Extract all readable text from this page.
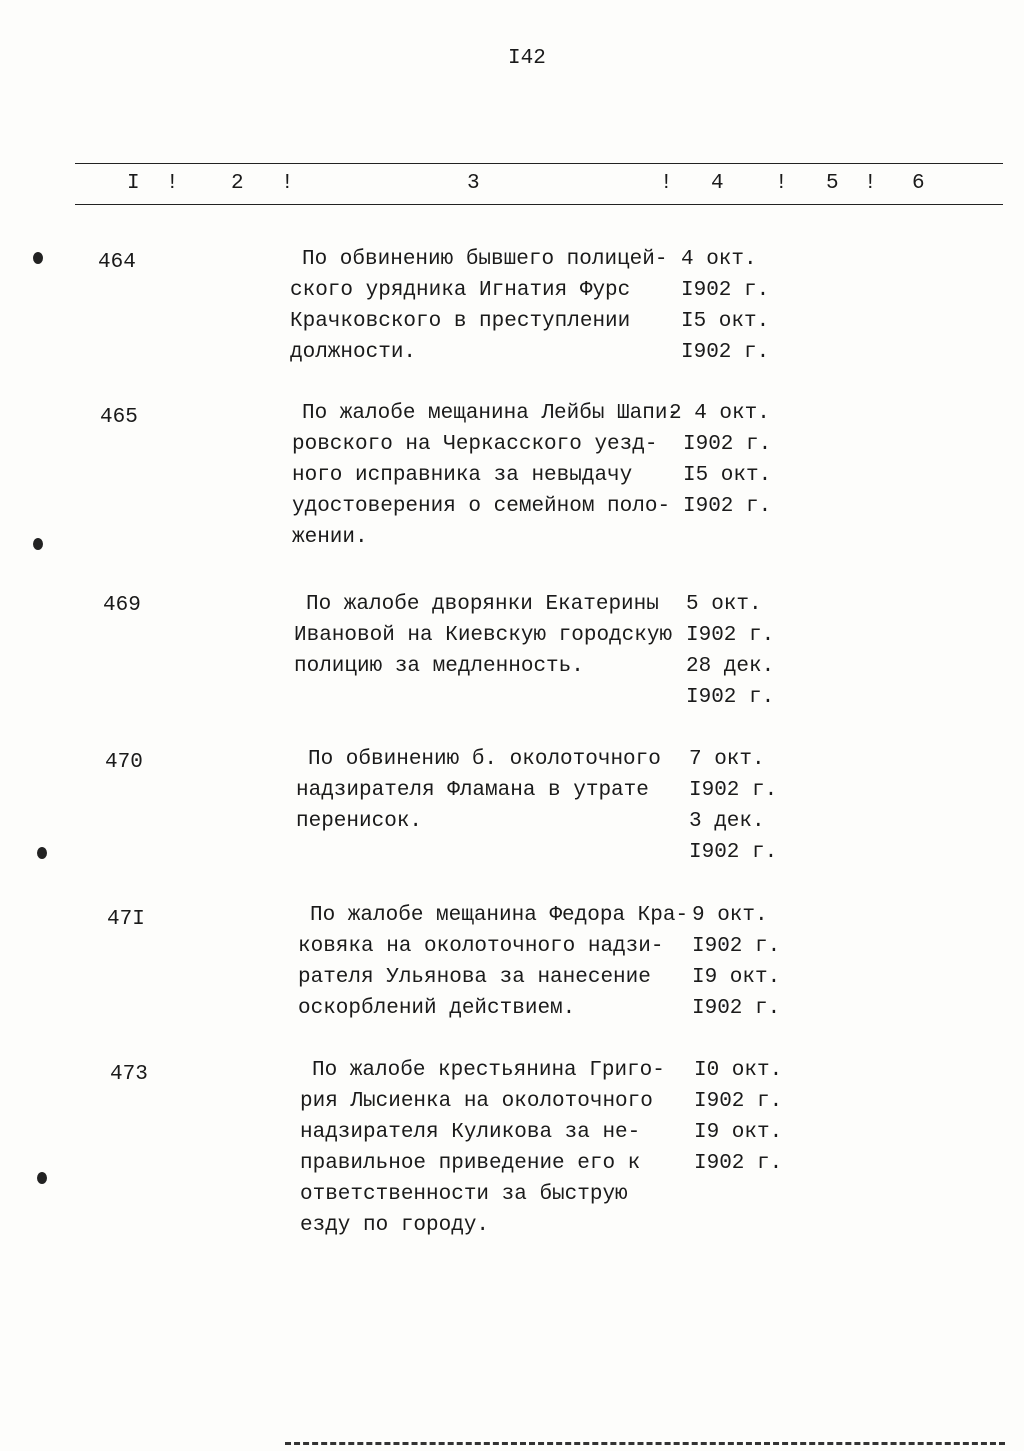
I42
I ! 2 !	3	! 4 ! 5 ! 6
464	По обвинению бывшего полицей-
ского урядника Игнатия Фурс
Крачковского в преступлении
должности.
4 окт.
I902 г.
I5 окт.
I902 г.
465	По жалобе мещанина Лейбы Шапи-
ровского на Черкасского уезд-
ного исправника за невыдачу
удостоверения о семейном поло-
жении.
2 4 окт.
I902 г.
I5 окт.
I902 г.
469	По жалобе дворянки Екатерины
Ивановой на Киевскую городскую
полицию за медленность.
5 окт.
I902 г.
28 дек.
I902 г.
470	По обвинению б. околоточного
надзирателя Фламана в утрате
перенисок.
7 окт.
I902 г.
3 дек.
I902 г.
47I	По жалобе мещанина Федора Кра-
ковяка на околоточного надзи-
рателя Ульянова за нанесение
оскорблений действием.
9 окт.
I902 г.
I9 окт.
I902 г.
473	По жалобе крестьянина Григо-
рия Лысиенка на околоточного
надзирателя Куликова за не-
правильное приведение его к
ответственности за быструю
езду по городу.
I0 окт.
I902 г.
I9 окт.
I902 г.
